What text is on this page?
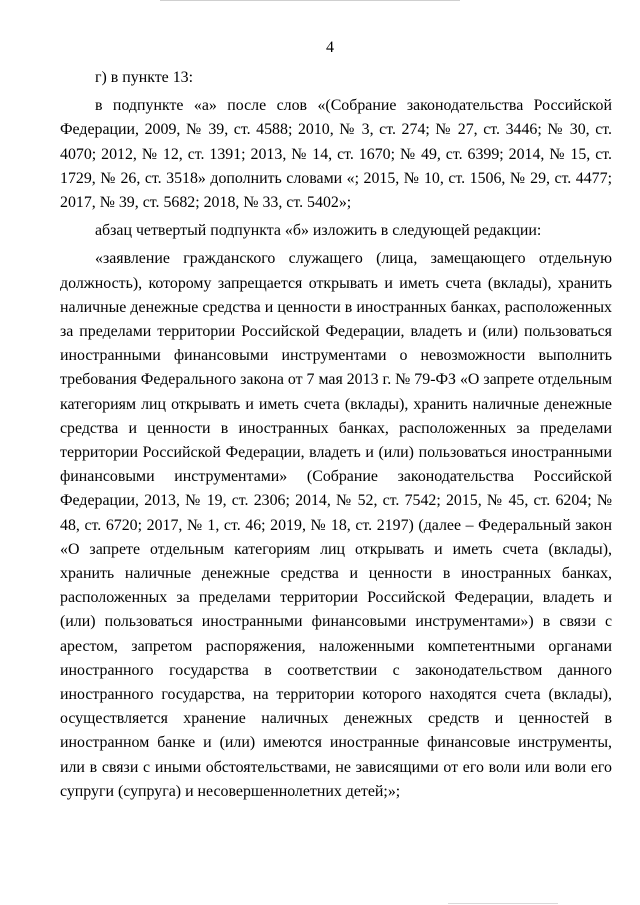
4

г) в пункте 13:

в подпункте «а» после слов «(Собрание законодательства Российской Федерации, 2009, № 39, ст. 4588; 2010, № 3, ст. 274; № 27, ст. 3446; № 30, ст. 4070; 2012, № 12, ст. 1391; 2013, № 14, ст. 1670; № 49, ст. 6399; 2014, № 15, ст. 1729, № 26, ст. 3518» дополнить словами «; 2015, № 10, ст. 1506, № 29, ст. 4477; 2017, № 39, ст. 5682; 2018, № 33, ст. 5402»;

абзац четвертый подпункта «б» изложить в следующей редакции:

«заявление гражданского служащего (лица, замещающего отдельную должность), которому запрещается открывать и иметь счета (вклады), хранить наличные денежные средства и ценности в иностранных банках, расположенных за пределами территории Российской Федерации, владеть и (или) пользоваться иностранными финансовыми инструментами о невозможности выполнить требования Федерального закона от 7 мая 2013 г. № 79-ФЗ «О запрете отдельным категориям лиц открывать и иметь счета (вклады), хранить наличные денежные средства и ценности в иностранных банках, расположенных за пределами территории Российской Федерации, владеть и (или) пользоваться иностранными финансовыми инструментами» (Собрание законодательства Российской Федерации, 2013, № 19, ст. 2306; 2014, № 52, ст. 7542; 2015, № 45, ст. 6204; № 48, ст. 6720; 2017, № 1, ст. 46; 2019, № 18, ст. 2197) (далее – Федеральный закон «О запрете отдельным категориям лиц открывать и иметь счета (вклады), хранить наличные денежные средства и ценности в иностранных банках, расположенных за пределами территории Российской Федерации, владеть и (или) пользоваться иностранными финансовыми инструментами») в связи с арестом, запретом распоряжения, наложенными компетентными органами иностранного государства в соответствии с законодательством данного иностранного государства, на территории которого находятся счета (вклады), осуществляется хранение наличных денежных средств и ценностей в иностранном банке и (или) имеются иностранные финансовые инструменты, или в связи с иными обстоятельствами, не зависящими от его воли или воли его супруги (супруга) и несовершеннолетних детей;»;
